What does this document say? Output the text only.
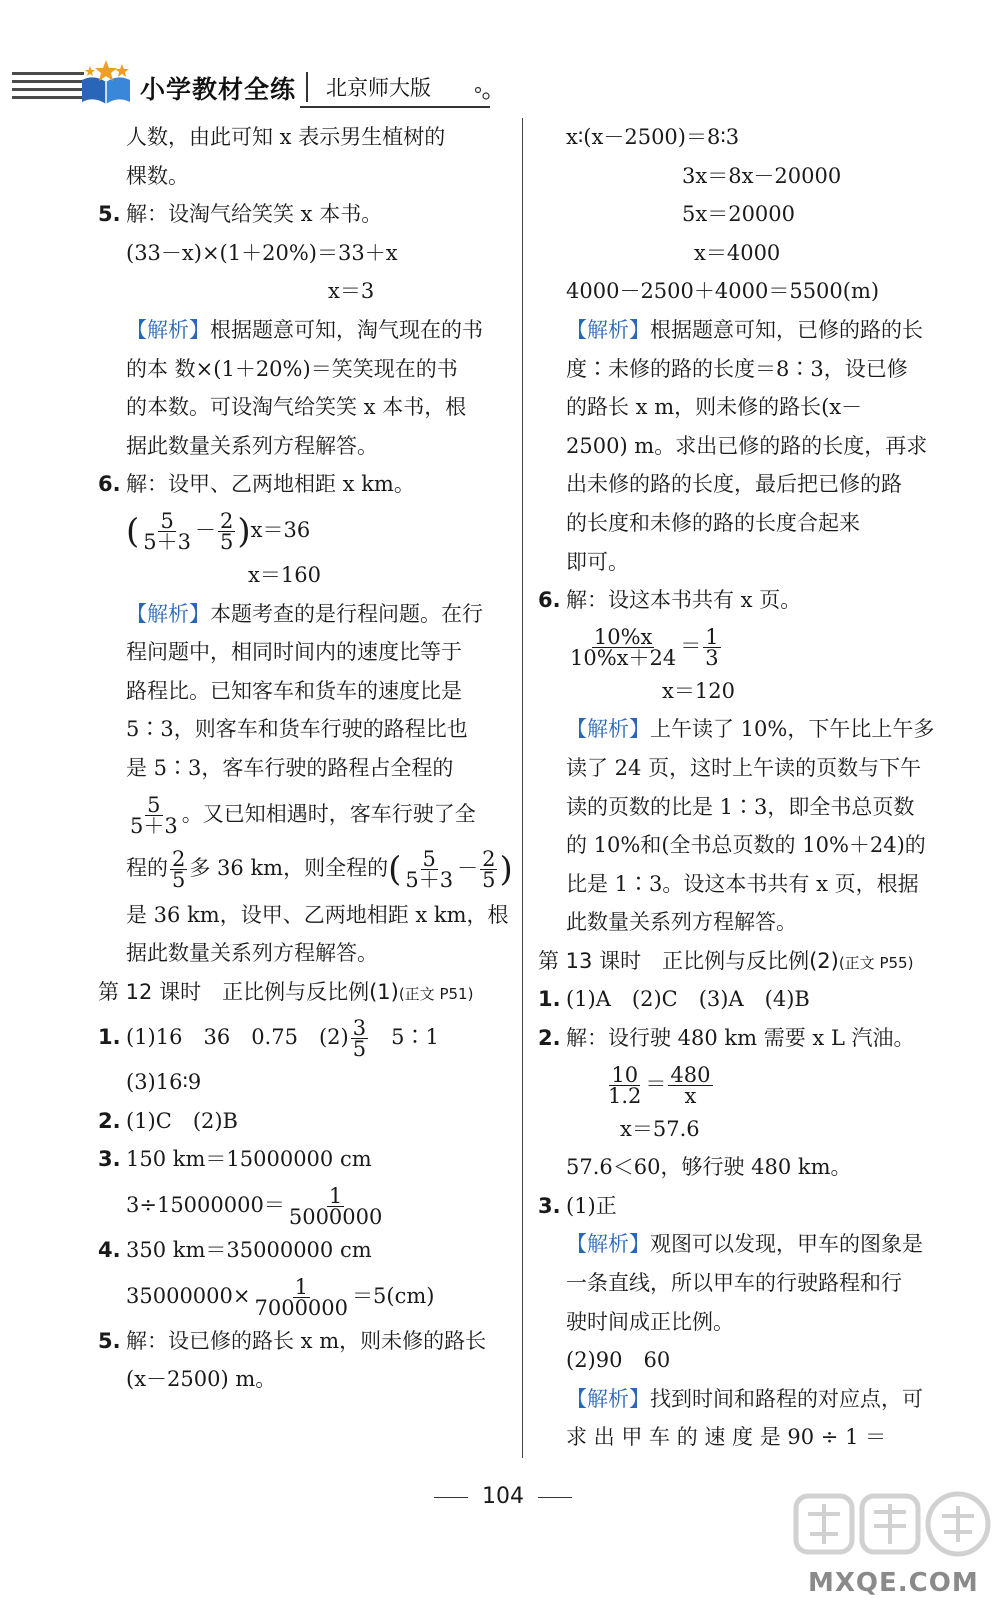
小学教材全练 北京师大版
人数，由此可知 x 表示男生植树的
棵数。
5. 解：设淘气给笑笑 x 本书。
(33－x)×(1＋20%)＝33＋x
x＝3
【解析】根据题意可知，淘气现在的书
的本 数×(1＋20%)＝笑笑现在的书
的本数。可设淘气给笑笑 x 本书，根
据此数量关系列方程解答。
6. 解：设甲、乙两地相距 x km。
( $\frac{5}{5+3} - \frac{2}{5} )x=36$
x＝160
【解析】本题考查的是行程问题。在行
程问题中，相同时间内的速度比等于
路程比。已知客车和货车的速度比是
5∶3，则客车和货车行驶的路程比也
是 5∶3，客车行驶的路程占全程的
$\frac{5}{5+3}$ 。又已知相遇时，客车行驶了全
程的 $\frac{2}{5}$ 多 36 km，则全程的( $\frac{5}{5+3} - \frac{2}{5}$ )
是 36 km，设甲、乙两地相距 x km，根
据此数量关系列方程解答。
第 12 课时　正比例与反比例(1)(正文 P51)
1. (1)16　36　0.75　$(2) \frac{3}{5}$ 　5∶1
(3)16∶9
2. (1)C　(2)B
3. 150 km＝15000000 cm
$3\div 15000000= \frac{1}{5000000}$
4. 350 km＝35000000 cm
$35000000\times \frac{1}{7000000} =5(cm)$
5. 解：设已修的路长 x m，则未修的路长
(x－2500) m。
x∶(x－2500)＝8∶3
3x＝8x－20000
5x＝20000
x＝4000
4000－2500＋4000＝5500(m)
【解析】根据题意可知，已修的路的长
度∶未修的路的长度＝8∶3，设已修
的路长 x m，则未修的路长(x－
2500) m。求出已修的路的长度，再求
出未修的路的长度，最后把已修的路
的长度和未修的路的长度合起来
即可。
6. 解：设这本书共有 x 页。
$\frac{10\%x}{10\%x+24} = \frac{1}{3}$
x＝120
【解析】上午读了 10%，下午比上午多
读了 24 页，这时上午读的页数与下午
读的页数的比是 1∶3，即全书总页数
的 10%和(全书总页数的 10%＋24)的
比是 1∶3。设这本书共有 x 页，根据
此数量关系列方程解答。
第 13 课时　正比例与反比例(2)(正文 P55)
1. (1)A　(2)C　(3)A　(4)B
2. 解：设行驶 480 km 需要 x L 汽油。
$\frac{10}{1.2} = \frac{480}{x}$
x＝57.6
57.6＜60，够行驶 480 km。
3. (1)正
【解析】观图可以发现，甲车的图象是
一条直线，所以甲车的行驶路程和行
驶时间成正比例。
(2)90　60
【解析】找到时间和路程的对应点，可
求 出 甲 车 的 速 度 是 90 ÷ 1 ＝
104
MXQE.COM
